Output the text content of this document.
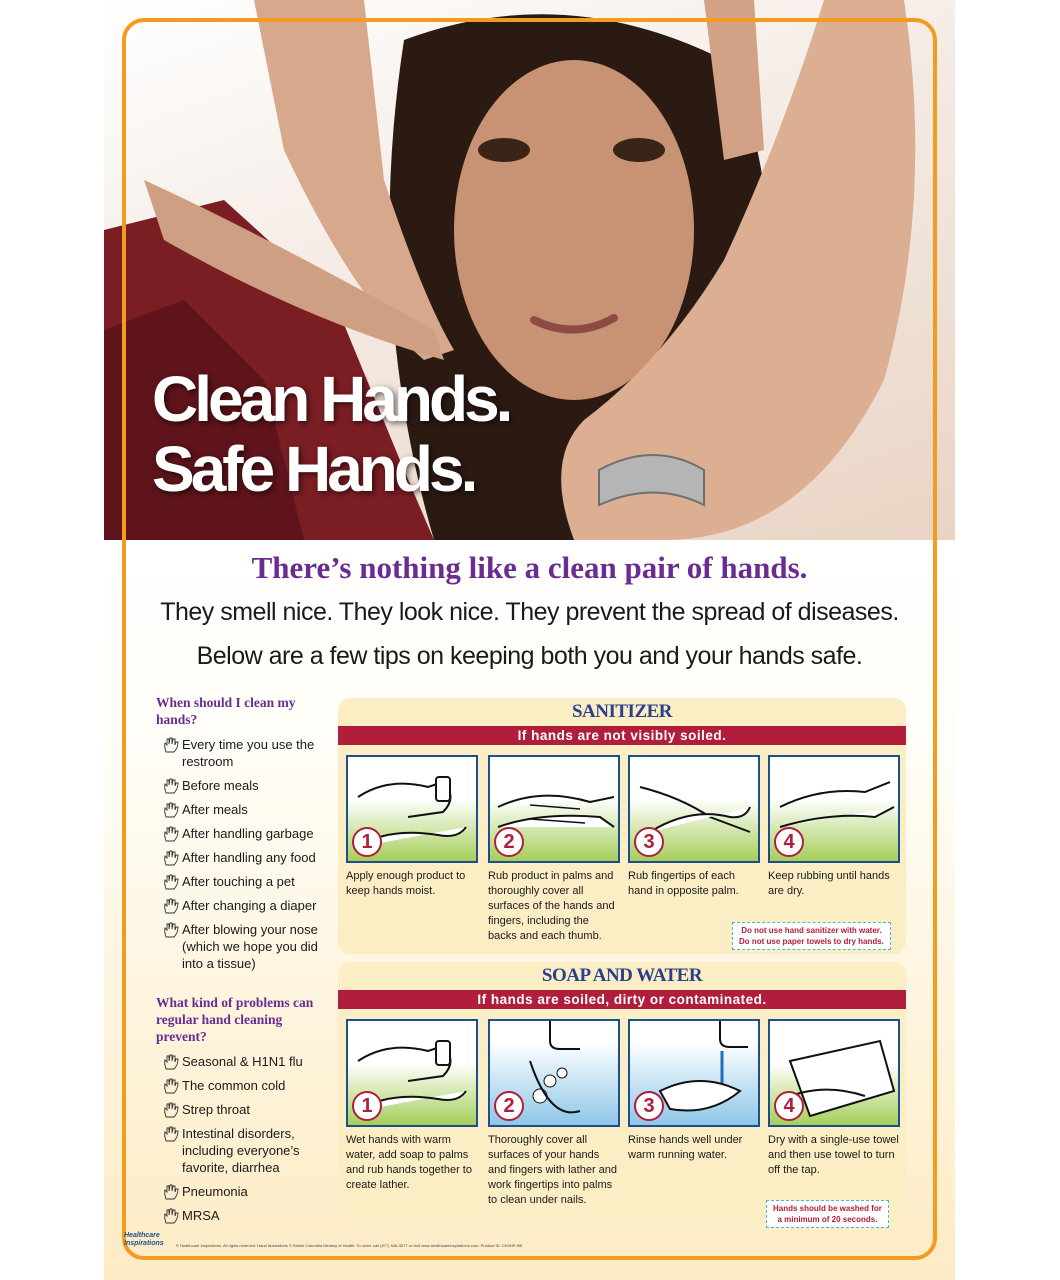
Clean Hands.
Safe Hands.
There’s nothing like a clean pair of hands.
They smell nice. They look nice. They prevent the spread of diseases.
Below are a few tips on keeping both you and your hands safe.
When should I clean my hands?
Every time you use the restroom
Before meals
After meals
After handling garbage
After handling any food
After touching a pet
After changing a diaper
After blowing your nose (which we hope you did into a tissue)
What kind of problems can regular hand cleaning prevent?
Seasonal & H1N1 flu
The common cold
Strep throat
Intestinal disorders, including everyone’s favorite, diarrhea
Pneumonia
MRSA
SANITIZER
If hands are not visibly soiled.
1
Apply enough product to keep hands moist.
2
Rub product in palms and thoroughly cover all surfaces of the hands and fingers, including the backs and each thumb.
3
Rub fingertips of each hand in opposite palm.
4
Keep rubbing until hands are dry.
Do not use hand sanitizer with water.
Do not use paper towels to dry hands.
SOAP AND WATER
If hands are soiled, dirty or contaminated.
1
Wet hands with warm water, add soap to palms and rub hands together to create lather.
2
Thoroughly cover all surfaces of your hands and fingers with lather and work fingertips into palms to clean under nails.
3
Rinse hands well under warm running water.
4
Dry with a single-use towel and then use towel to turn off the tap.
Hands should be washed for
a minimum of 20 seconds.
Healthcare
Inspirations	© Healthcare Inspirations. All rights reserved. Hand illustrations © British Columbia Ministry of Health. To order, call (877) 546-3077 or visit www.healthcareinspirations.com. Product ID: CH3HP-HB
